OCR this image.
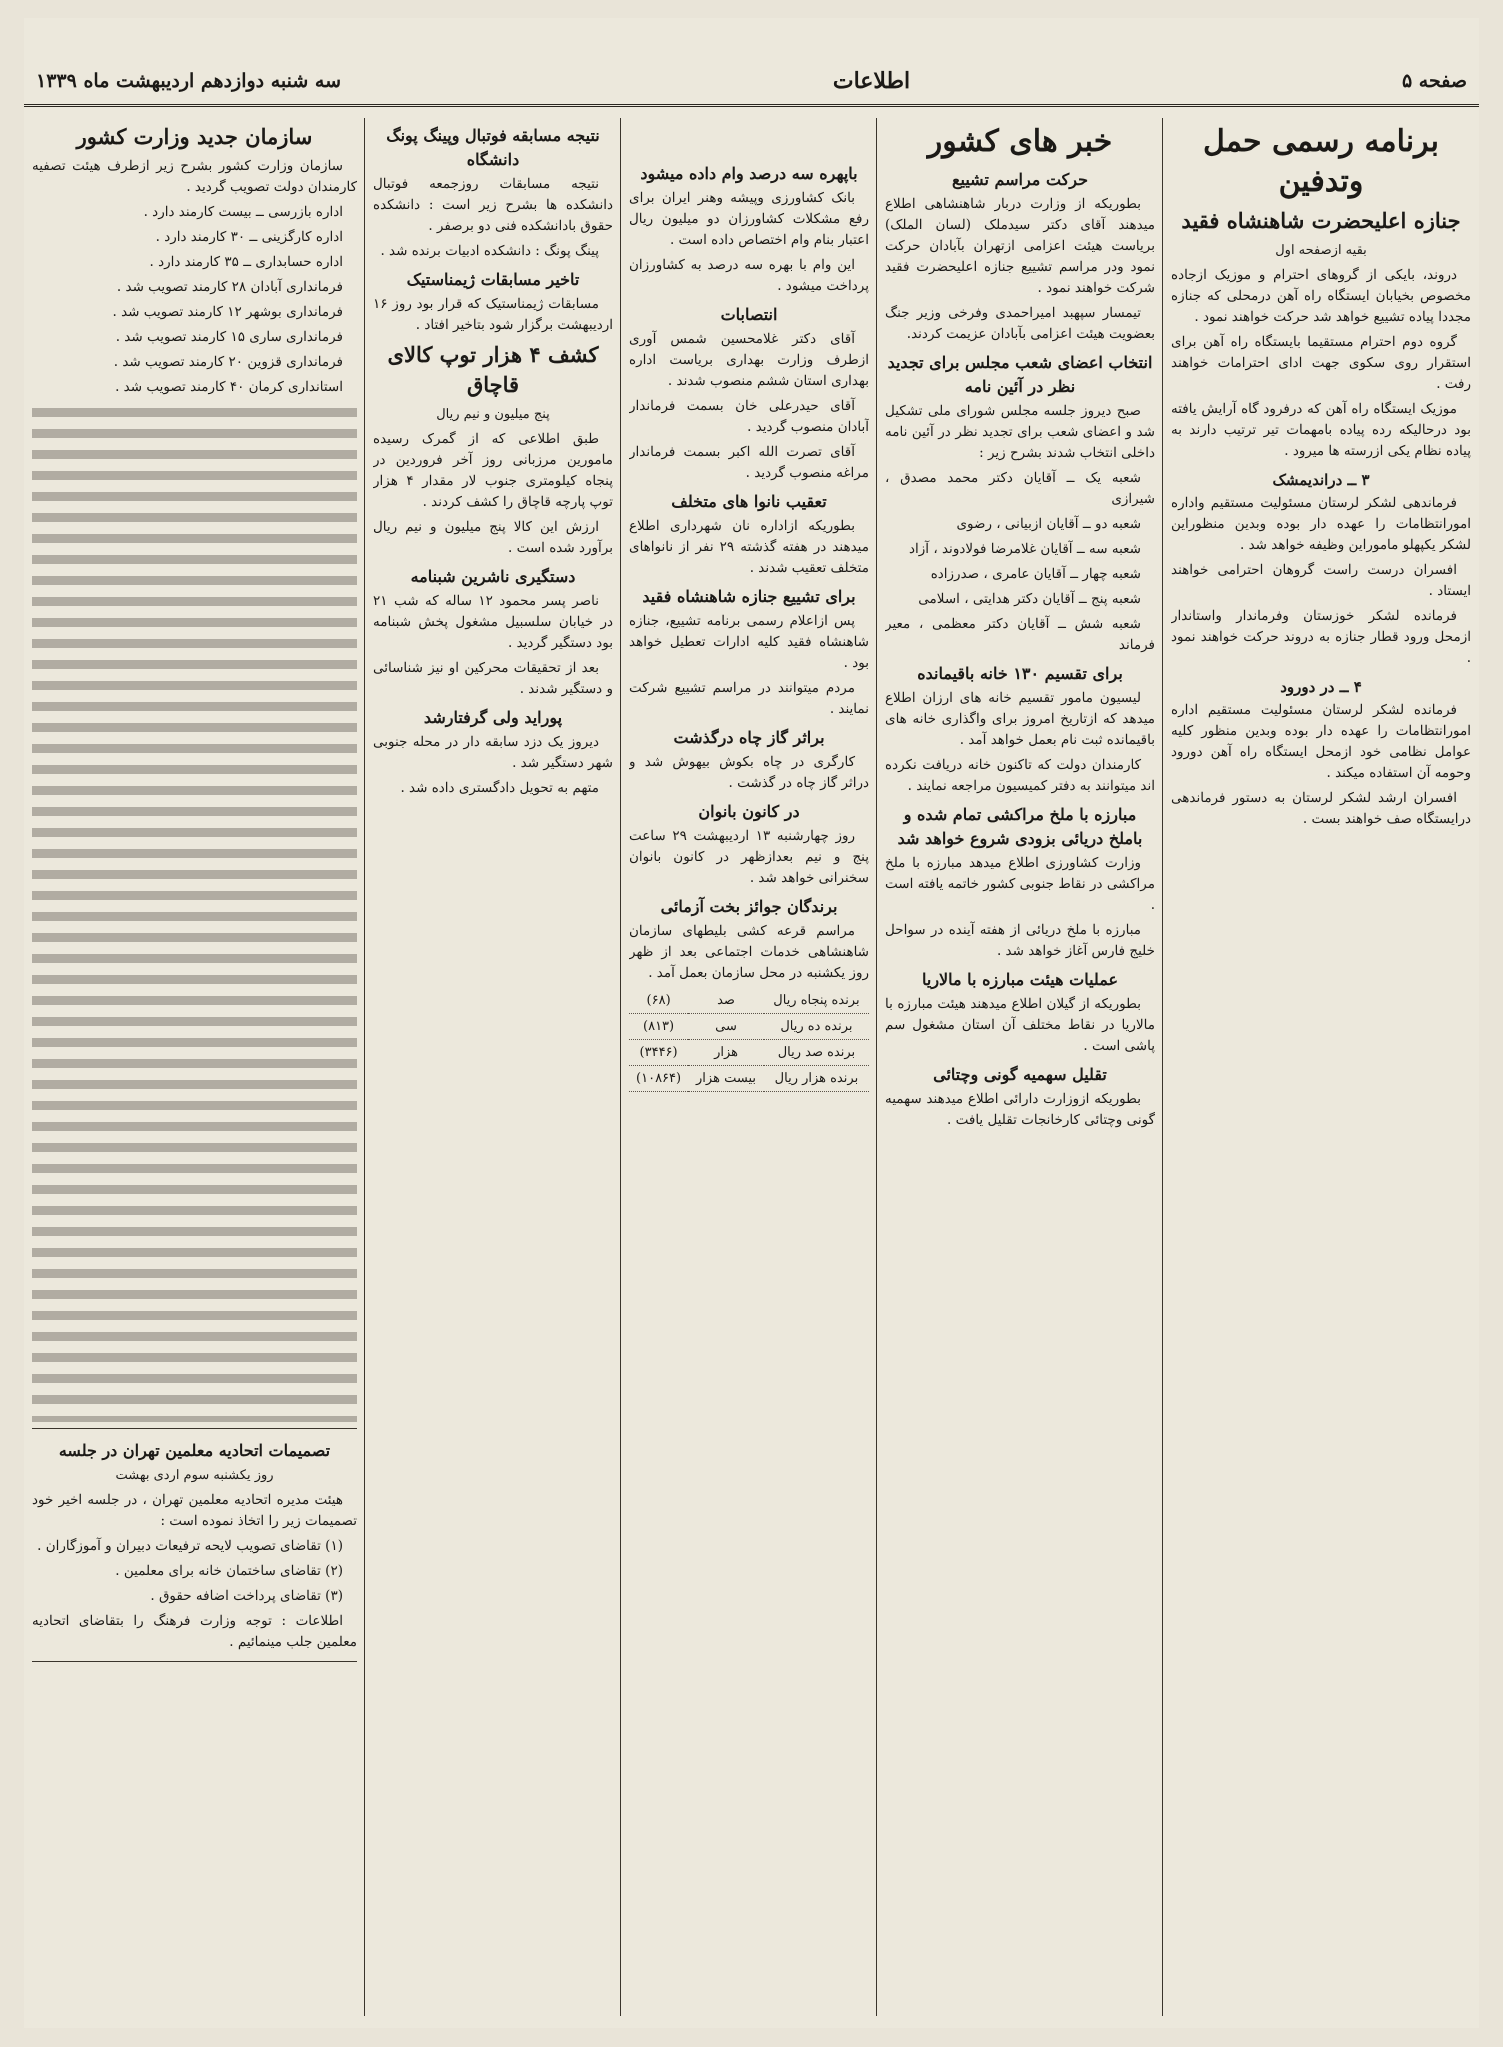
صفحه ۵
اطلاعات
سه شنبه دوازدهم اردیبهشت ماه ۱۳۳۹
برنامه رسمی حمل وتدفین
جنازه اعلیحضرت شاهنشاه فقید
بقیه ازصفحه اول

دروند، بایکی از گروهای احترام و موزیک ازجاده مخصوص بخیابان ایستگاه راه آهن درمحلی که جنازه مجددا پیاده تشییع خواهد شد حرکت خواهند نمود .

گروه دوم احترام مستقیما بایستگاه راه آهن برای استقرار روی سکوی جهت ادای احترامات خواهند رفت .

موزیک ایستگاه راه آهن که درفرود گاه آرایش یافته بود درحالیکه رده پیاده بامهمات تیر ترتیب دارند به پیاده نظام یکی ازرسته ها میرود .

۳ ــ دراندیمشک

فرماندهی لشکر لرستان مسئولیت مستقیم واداره امورانتظامات را عهده دار بوده وبدین منظوراین لشکر یکپهلو ماموراین وظیفه خواهد شد .

افسران درست راست گروهان احترامی خواهند ایستاد .

فرمانده لشکر خوزستان وفرماندار واستاندار ازمحل ورود قطار جنازه به دروند حرکت خواهند نمود .

۴ ــ در دورود

فرمانده لشکر لرستان مسئولیت مستقیم اداره امورانتظامات را عهده دار بوده وبدین منظور کلیه عوامل نظامی خود ازمحل ایستگاه راه آهن دورود وحومه آن استفاده میکند .

افسران ارشد لشکر لرستان به دستور فرماندهی درایستگاه صف خواهند بست .

خبر های کشور
حرکت مراسم تشییع

بطوریکه از وزارت دربار شاهنشاهی اطلاع میدهند آقای دکتر سیدملک (لسان الملک) بریاست هیئت اعزامی ازتهران بآبادان حرکت نمود ودر مراسم تشییع جنازه اعلیحضرت فقید شرکت خواهند نمود .

تیمسار سپهبد امیراحمدی وفرخی وزیر جنگ بعضویت هیئت اعزامی بآبادان عزیمت کردند.

انتخاب اعضای شعب مجلس برای تجدید نظر در آئین نامه

صبح دیروز جلسه مجلس شورای ملی تشکیل شد و اعضای شعب برای تجدید نظر در آئین نامه داخلی انتخاب شدند بشرح زیر :

شعبه یک ــ آقایان دکتر محمد مصدق ، شیرازی

شعبه دو ــ آقایان ازبیانی ، رضوی

شعبه سه ــ آقایان غلامرضا فولادوند ، آزاد

شعبه چهار ــ آقایان عامری ، صدرزاده

شعبه پنج ــ آقایان دکتر هدایتی ، اسلامی

شعبه شش ــ آقایان دکتر معظمی ، معیر فرماند

برای تقسیم ۱۳۰ خانه باقیمانده

لیسیون مامور تقسیم خانه های ارزان اطلاع میدهد که ازتاریخ امروز برای واگذاری خانه های باقیمانده ثبت نام بعمل خواهد آمد .

کارمندان دولت که تاکنون خانه دریافت نکرده اند میتوانند به دفتر کمیسیون مراجعه نمایند .

مبارزه با ملخ مراکشی تمام شده و باملخ دریائی بزودی شروع خواهد شد

وزارت کشاورزی اطلاع میدهد مبارزه با ملخ مراکشی در نقاط جنوبی کشور خاتمه یافته است .

مبارزه با ملخ دریائی از هفته آینده در سواحل خلیج فارس آغاز خواهد شد .

عملیات هیئت مبارزه با مالاریا

بطوریکه از گیلان اطلاع میدهند هیئت مبارزه با مالاریا در نقاط مختلف آن استان مشغول سم پاشی است .

تقلیل سهمیه گونی وچتائی

بطوریکه ازوزارت دارائی اطلاع میدهند سهمیه گونی وچتائی کارخانجات تقلیل یافت .

باپهره سه درصد وام داده میشود

بانک کشاورزی وپیشه وهنر ایران برای رفع مشکلات کشاورزان دو میلیون ریال اعتبار بنام وام اختصاص داده است .

این وام با بهره سه درصد به کشاورزان پرداخت میشود .

انتصابات

آقای دکتر غلامحسین شمس آوری ازطرف وزارت بهداری بریاست اداره بهداری استان ششم منصوب شدند .

آقای حیدرعلی خان بسمت فرماندار آبادان منصوب گردید .

آقای تصرت الله اکبر بسمت فرماندار مراغه منصوب گردید .

تعقیب نانوا های متخلف

بطوریکه ازاداره نان شهرداری اطلاع میدهند در هفته گذشته ۲۹ نفر از نانواهای متخلف تعقیب شدند .

برای تشییع جنازه شاهنشاه فقید

پس ازاعلام رسمی برنامه تشییع، جنازه شاهنشاه فقید کلیه ادارات تعطیل خواهد بود .

مردم میتوانند در مراسم تشییع شرکت نمایند .

براثر گاز چاه درگذشت

کارگری در چاه بکوش بیهوش شد و دراثر گاز چاه در گذشت .

در کانون بانوان

روز چهارشنبه ۱۳ اردیبهشت ۲۹ ساعت پنج و نیم بعدازظهر در کانون بانوان سخنرانی خواهد شد .

برندگان جوائز بخت آزمائی

مراسم قرعه کشی بلیطهای سازمان شاهنشاهی خدمات اجتماعی بعد از ظهر روز یکشنبه در محل سازمان بعمل آمد .

برنده پنجاه ریال	صد	(۶۸)
برنده ده ریال	سی	(۸۱۳)
برنده صد ریال	هزار	(۳۴۴۶)
برنده هزار ریال	بیست هزار	(۱۰۸۶۴)
نتیجه مسابقه فوتبال وپینگ پونگ دانشگاه

نتیجه مسابقات روزجمعه فوتبال دانشکده ها بشرح زیر است : دانشکده حقوق بادانشکده فنی دو برصفر .

پینگ پونگ : دانشکده ادبیات برنده شد .

تاخیر مسابقات ژیمناستیک

مسابقات ژیمناستیک که قرار بود روز ۱۶ اردیبهشت برگزار شود بتاخیر افتاد .

کشف ۴ هزار توپ کالای قاچاق
پنج میلیون و نیم ریال

طبق اطلاعی که از گمرک رسیده مامورین مرزبانی روز آخر فروردین در پنجاه کیلومتری جنوب لار مقدار ۴ هزار توپ پارچه قاچاق را کشف کردند .

ارزش این کالا پنج میلیون و نیم ریال برآورد شده است .

دستگیری ناشرین شبنامه

ناصر پسر محمود ۱۲ ساله که شب ۲۱ در خیابان سلسبیل مشغول پخش شبنامه بود دستگیر گردید .

بعد از تحقیقات محرکین او نیز شناسائی و دستگیر شدند .

پوراید ولی گرفتارشد

دیروز یک دزد سابقه دار در محله جنوبی شهر دستگیر شد .

متهم به تحویل دادگستری داده شد .

سازمان جدید وزارت کشور

سازمان وزارت کشور بشرح زیر ازطرف هیئت تصفیه کارمندان دولت تصویب گردید .

اداره بازرسی ــ بیست کارمند دارد .

اداره کارگزینی ــ ۳۰ کارمند دارد .

اداره حسابداری ــ ۳۵ کارمند دارد .

فرمانداری آبادان ۲۸ کارمند تصویب شد .

فرمانداری بوشهر ۱۲ کارمند تصویب شد .

فرمانداری ساری ۱۵ کارمند تصویب شد .

فرمانداری قزوین ۲۰ کارمند تصویب شد .

استانداری کرمان ۴۰ کارمند تصویب شد .

تصمیمات اتحادیه معلمین تهران در جلسه
روز یکشنبه سوم اردی بهشت

هیئت مدیره اتحادیه معلمین تهران ، در جلسه اخیر خود تصمیمات زیر را اتخاذ نموده است :

(۱) تقاضای تصویب لایحه ترفیعات دبیران و آموزگاران .

(۲) تقاضای ساختمان خانه برای معلمین .

(۳) تقاضای پرداخت اضافه حقوق .

اطلاعات : توجه وزارت فرهنگ را بتقاضای اتحادیه معلمین جلب مینمائیم .
